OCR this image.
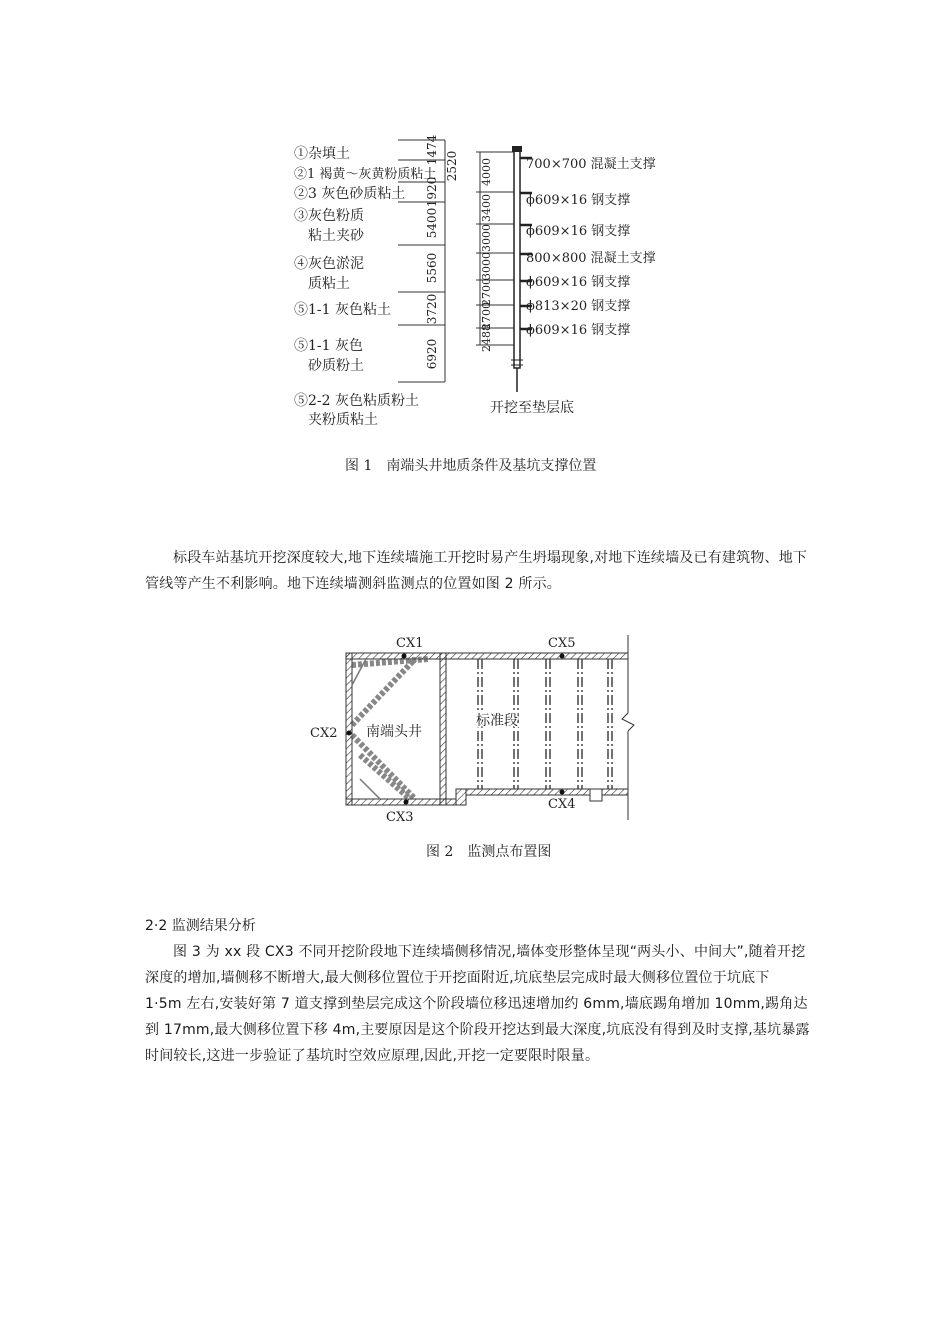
①杂填土
②1 褐黄～灰黄粉质粘土
②3 灰色砂质粘土
③灰色粉质
粘土夹砂
④灰色淤泥
质粘土
⑤1-1 灰色粘土
⑤1-1 灰色
砂质粉土
⑤2-2 灰色粘质粉土
夹粉质粘土
1474
2520
1920
5400
5560
3720
6920
4000
3400
3000
3000
2700
2700
2488
700×700 混凝土支撑
ϕ609×16 钢支撑
ϕ609×16 钢支撑
800×800 混凝土支撑
ϕ609×16 钢支撑
ϕ813×20 钢支撑
ϕ609×16 钢支撑
开挖至垫层底
图 1　南端头井地质条件及基坑支撑位置

标段车站基坑开挖深度较大,地下连续墙施工开挖时易产生坍塌现象,对地下连续墙及已有建筑物、地下管线等产生不利影响。地下连续墙测斜监测点的位置如图 2 所示。

CX1
CX2
CX3
CX4
CX5
南端头井
标准段
图 2　监测点布置图

2·2 监测结果分析

图 3 为 xx 段 CX3 不同开挖阶段地下连续墙侧移情况,墙体变形整体呈现“两头小、中间大”,随着开挖深度的增加,墙侧移不断增大,最大侧移位置位于开挖面附近,坑底垫层完成时最大侧移位置位于坑底下 1·5m 左右,安装好第 7 道支撑到垫层完成这个阶段墙位移迅速增加约 6mm,墙底踢角增加 10mm,踢角达到 17mm,最大侧移位置下移 4m,主要原因是这个阶段开挖达到最大深度,坑底没有得到及时支撑,基坑暴露时间较长,这进一步验证了基坑时空效应原理,因此,开挖一定要限时限量。
